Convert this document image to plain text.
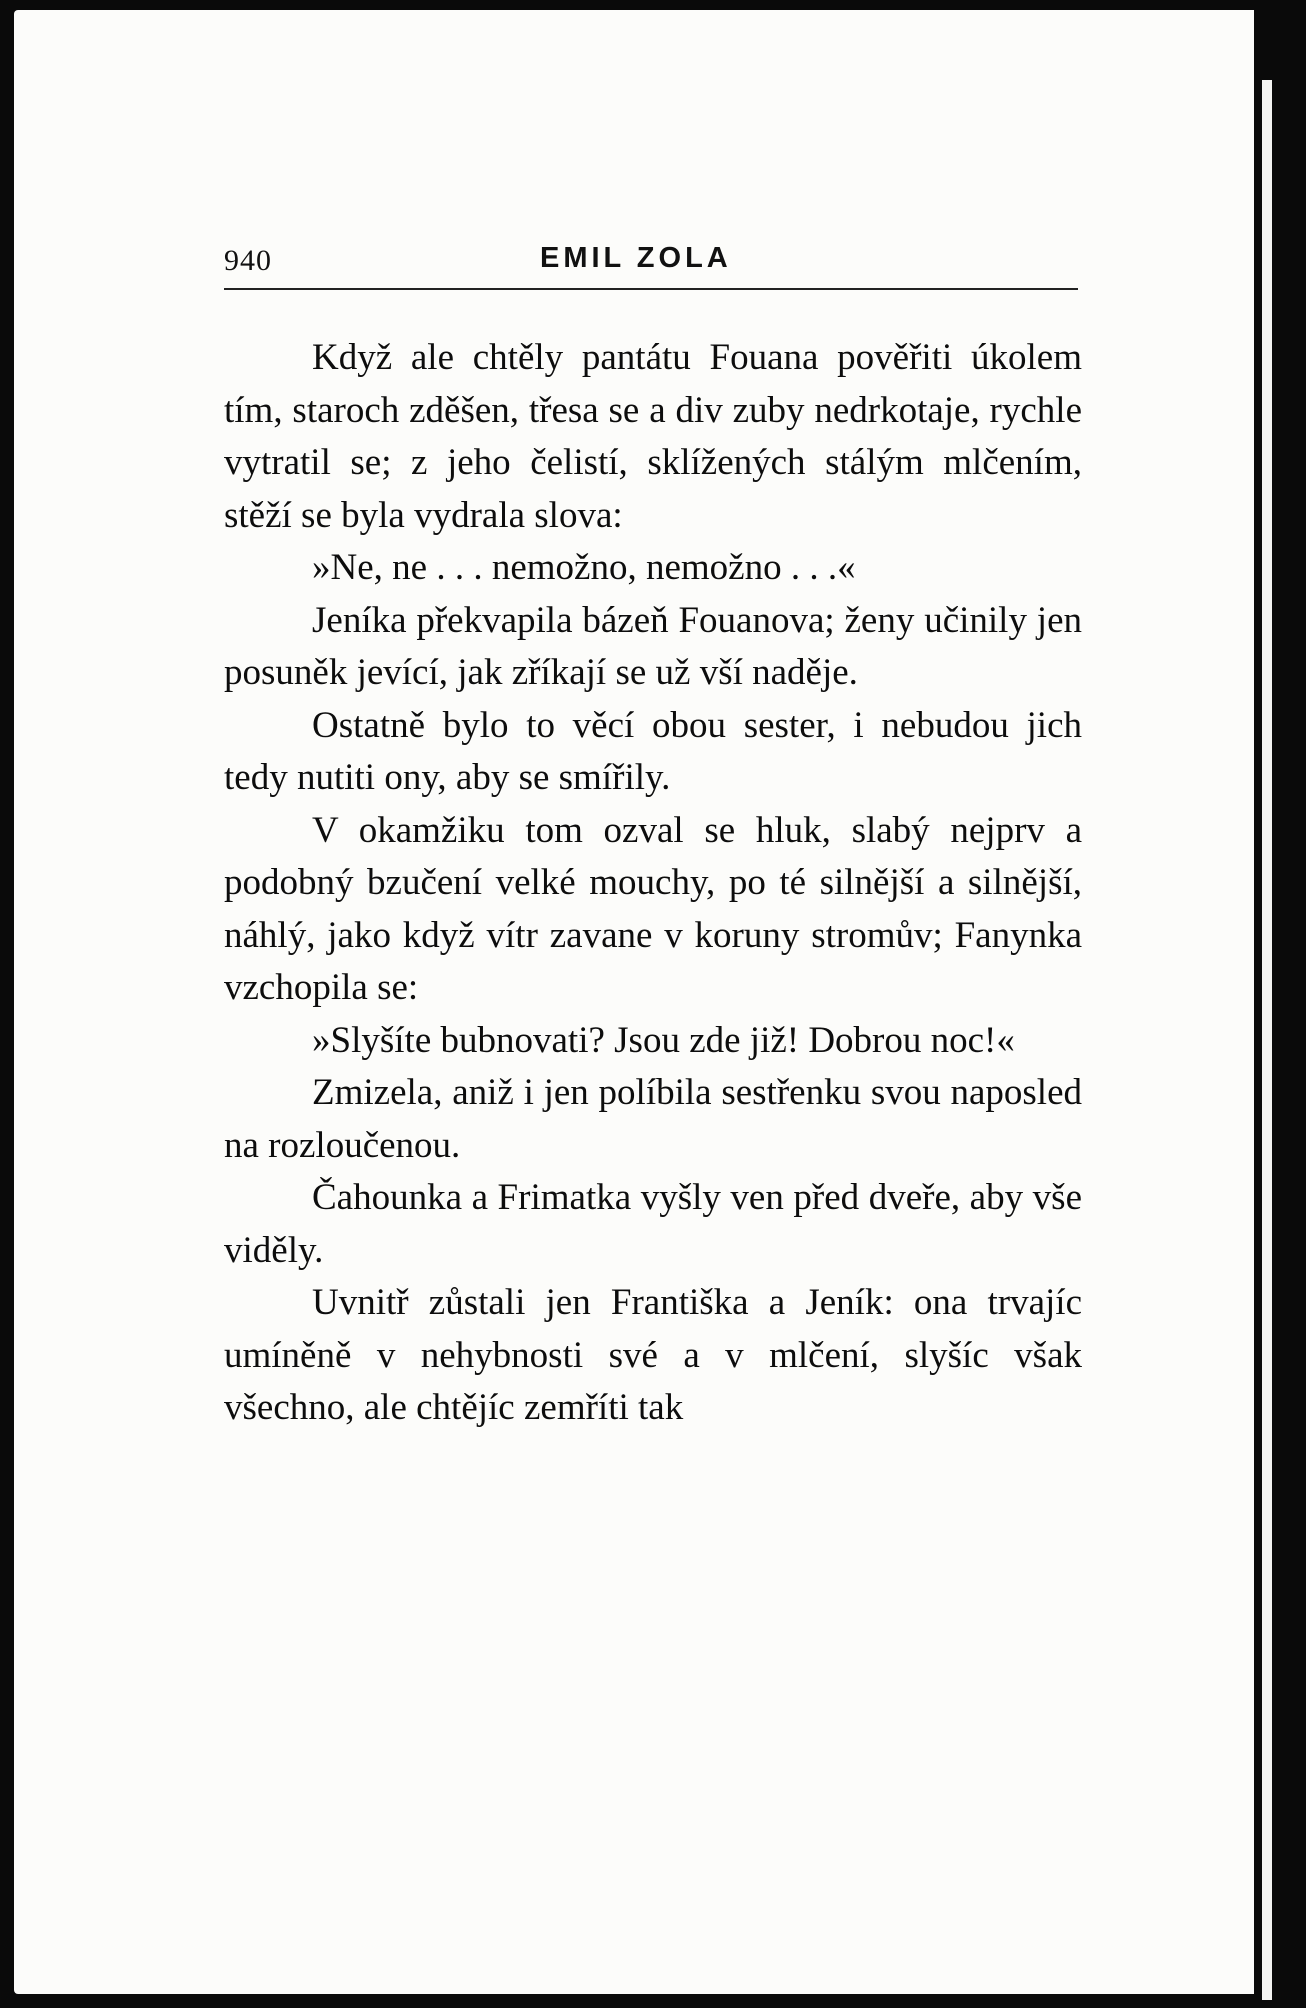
940	EMIL ZOLA

Když ale chtěly pantátu Fouana pověřiti úkolem tím, staroch zděšen, třesa se a div zuby nedrkotaje, rychle vytratil se; z jeho čelistí, sklížených stálým mlčením, stěží se byla vydrala slova:

»Ne, ne . . . nemožno, nemožno . . .«

Jeníka překvapila bázeň Fouanova; ženy učinily jen posuněk jevící, jak zříkají se už vší naděje.

Ostatně bylo to věcí obou sester, i nebudou jich tedy nutiti ony, aby se smířily.

V okamžiku tom ozval se hluk, slabý nejprv a podobný bzučení velké mouchy, po té silnější a silnější, náhlý, jako když vítr zavane v koruny stromův; Fanynka vzchopila se:

»Slyšíte bubnovati? Jsou zde již! Dobrou noc!«

Zmizela, aniž i jen políbila sestřenku svou naposled na rozloučenou.

Čahounka a Frimatka vyšly ven před dveře, aby vše viděly.

Uvnitř zůstali jen Františka a Jeník: ona trvajíc umíněně v nehybnosti své a v mlčení, slyšíc však všechno, ale chtějíc zemříti tak
